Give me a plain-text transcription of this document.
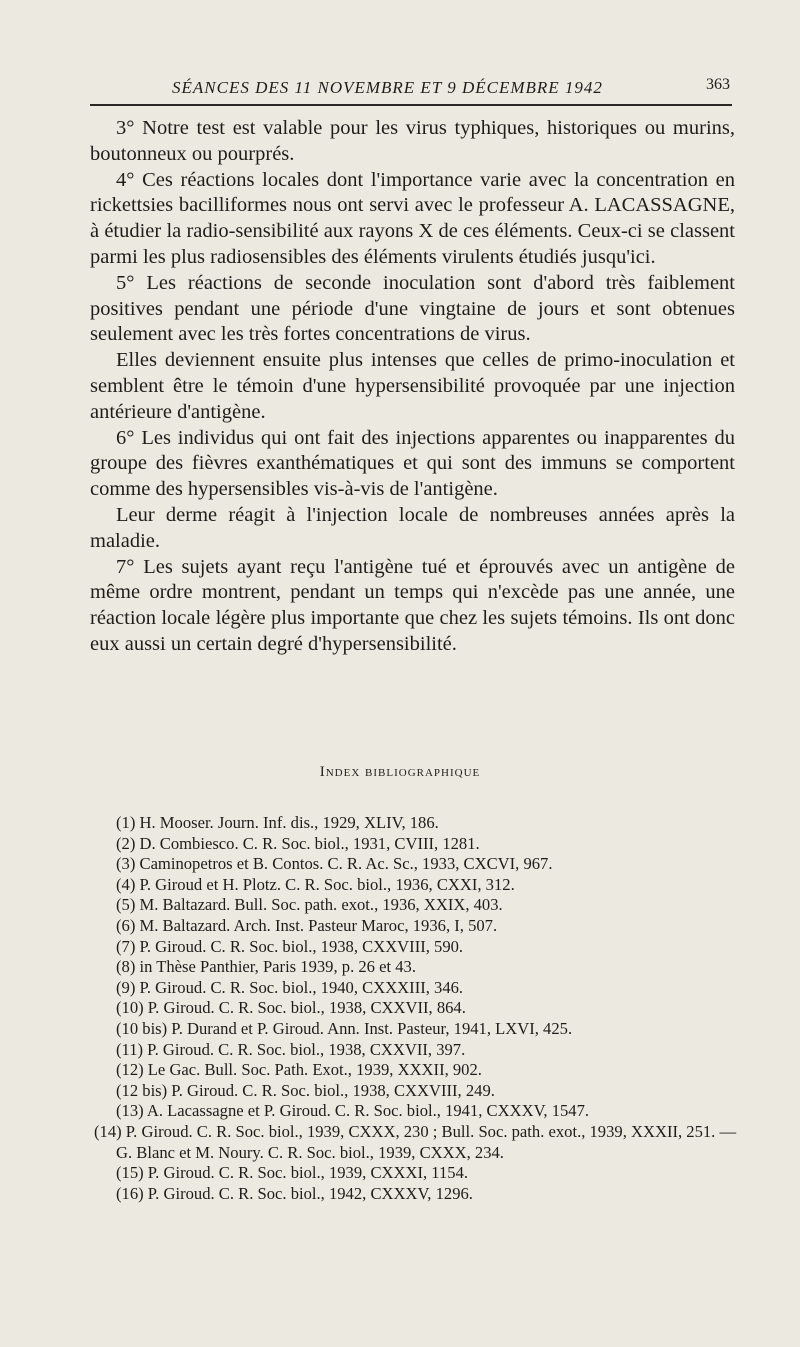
SÉANCES DES 11 NOVEMBRE ET 9 DÉCEMBRE 1942	363

3° Notre test est valable pour les virus typhiques, historiques ou murins, boutonneux ou pourprés.

4° Ces réactions locales dont l'importance varie avec la concentration en rickettsies bacilliformes nous ont servi avec le professeur A. LACASSAGNE, à étudier la radio-sensibilité aux rayons X de ces éléments. Ceux-ci se classent parmi les plus radiosensibles des éléments virulents étudiés jusqu'ici.

5° Les réactions de seconde inoculation sont d'abord très faiblement positives pendant une période d'une vingtaine de jours et sont obtenues seulement avec les très fortes concentrations de virus.

Elles deviennent ensuite plus intenses que celles de primo-inoculation et semblent être le témoin d'une hypersensibilité provoquée par une injection antérieure d'antigène.

6° Les individus qui ont fait des injections apparentes ou inapparentes du groupe des fièvres exanthématiques et qui sont des immuns se comportent comme des hypersensibles vis-à-vis de l'antigène.

Leur derme réagit à l'injection locale de nombreuses années après la maladie.

7° Les sujets ayant reçu l'antigène tué et éprouvés avec un antigène de même ordre montrent, pendant un temps qui n'excède pas une année, une réaction locale légère plus importante que chez les sujets témoins. Ils ont donc eux aussi un certain degré d'hypersensibilité.

Index bibliographique

(1) H. Mooser. Journ. Inf. dis., 1929, XLIV, 186.

(2) D. Combiesco. C. R. Soc. biol., 1931, CVIII, 1281.

(3) Caminopetros et B. Contos. C. R. Ac. Sc., 1933, CXCVI, 967.

(4) P. Giroud et H. Plotz. C. R. Soc. biol., 1936, CXXI, 312.

(5) M. Baltazard. Bull. Soc. path. exot., 1936, XXIX, 403.

(6) M. Baltazard. Arch. Inst. Pasteur Maroc, 1936, I, 507.

(7) P. Giroud. C. R. Soc. biol., 1938, CXXVIII, 590.

(8) in Thèse Panthier, Paris 1939, p. 26 et 43.

(9) P. Giroud. C. R. Soc. biol., 1940, CXXXIII, 346.

(10) P. Giroud. C. R. Soc. biol., 1938, CXXVII, 864.

(10 bis) P. Durand et P. Giroud. Ann. Inst. Pasteur, 1941, LXVI, 425.

(11) P. Giroud. C. R. Soc. biol., 1938, CXXVII, 397.

(12) Le Gac. Bull. Soc. Path. Exot., 1939, XXXII, 902.

(12 bis) P. Giroud. C. R. Soc. biol., 1938, CXXVIII, 249.

(13) A. Lacassagne et P. Giroud. C. R. Soc. biol., 1941, CXXXV, 1547.

(14) P. Giroud. C. R. Soc. biol., 1939, CXXX, 230 ; Bull. Soc. path. exot., 1939, XXXII, 251. — G. Blanc et M. Noury. C. R. Soc. biol., 1939, CXXX, 234.

(15) P. Giroud. C. R. Soc. biol., 1939, CXXXI, 1154.

(16) P. Giroud. C. R. Soc. biol., 1942, CXXXV, 1296.
